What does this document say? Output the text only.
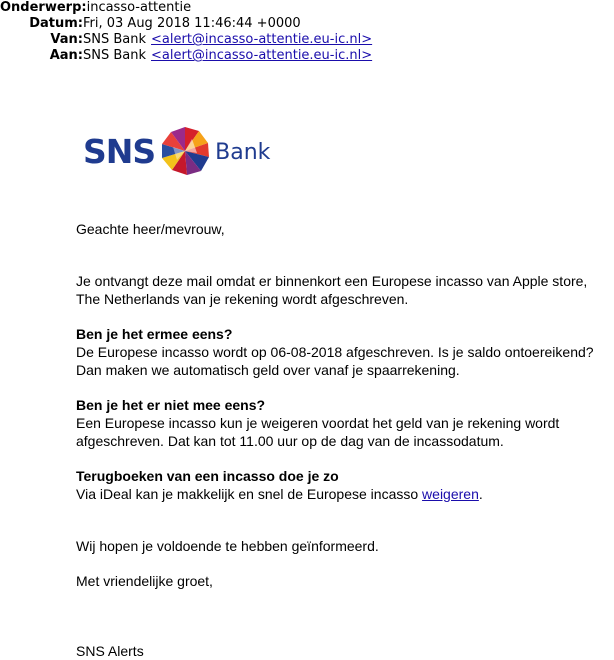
Onderwerp: incasso-attentie
Datum: Fri, 03 Aug 2018 11:46:44 +0000
Van: SNS Bank <alert@incasso-attentie.eu-ic.nl>
Aan: SNS Bank <alert@incasso-attentie.eu-ic.nl>
SNS	Bank

Geachte heer/mevrouw,

Je ontvangt deze mail omdat er binnenkort een Europese incasso van Apple store,

The Netherlands van je rekening wordt afgeschreven.

Ben je het ermee eens?

De Europese incasso wordt op 06-08-2018 afgeschreven. Is je saldo ontoereikend?

Dan maken we automatisch geld over vanaf je spaarrekening.

Ben je het er niet mee eens?

Een Europese incasso kun je weigeren voordat het geld van je rekening wordt

afgeschreven. Dat kan tot 11.00 uur op de dag van de incassodatum.

Terugboeken van een incasso doe je zo

Via iDeal kan je makkelijk en snel de Europese incasso weigeren.

Wij hopen je voldoende te hebben geïnformeerd.

Met vriendelijke groet,

SNS Alerts
